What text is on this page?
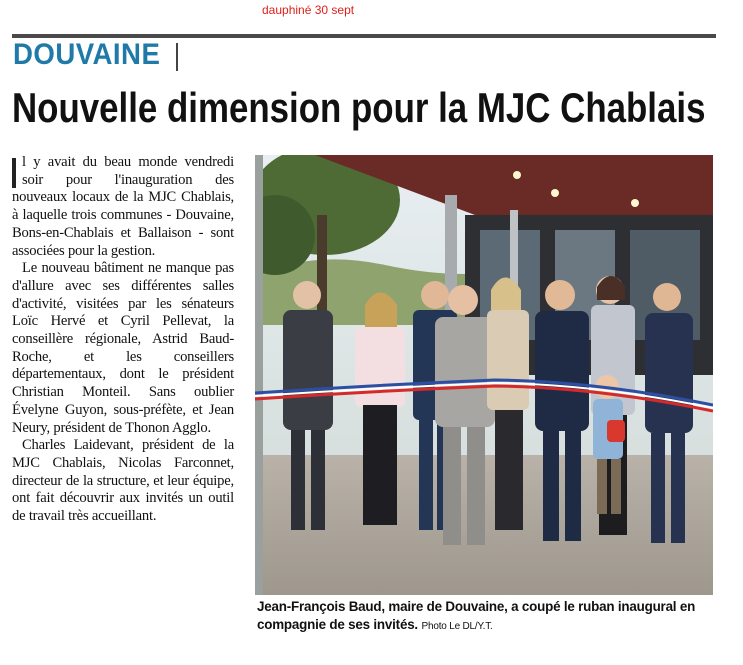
dauphiné 30 sept
DOUVAINE
Nouvelle dimension pour la MJC Chablais

l y avait du beau monde vendredi soir pour l'inauguration des nouveaux locaux de la MJC Chablais, à laquelle trois communes - Douvaine, Bons-en-Chablais et Ballaison - sont associées pour la gestion.

Le nouveau bâtiment ne manque pas d'allure avec ses différentes salles d'activité, visitées par les sénateurs Loïc Hervé et Cyril Pellevat, la conseillère régionale, Astrid Baud-Roche, et les conseillers départementaux, dont le président Christian Monteil. Sans oublier Évelyne Guyon, sous-préfète, et Jean Neury, président de Thonon Agglo.

Charles Laidevant, président de la MJC Chablais, Nicolas Farconnet, directeur de la structure, et leur équipe, ont fait découvrir aux invités un outil de travail très accueillant.

Jean-François Baud, maire de Douvaine, a coupé le ruban inaugural en compagnie de ses invités. Photo Le DL/Y.T.
